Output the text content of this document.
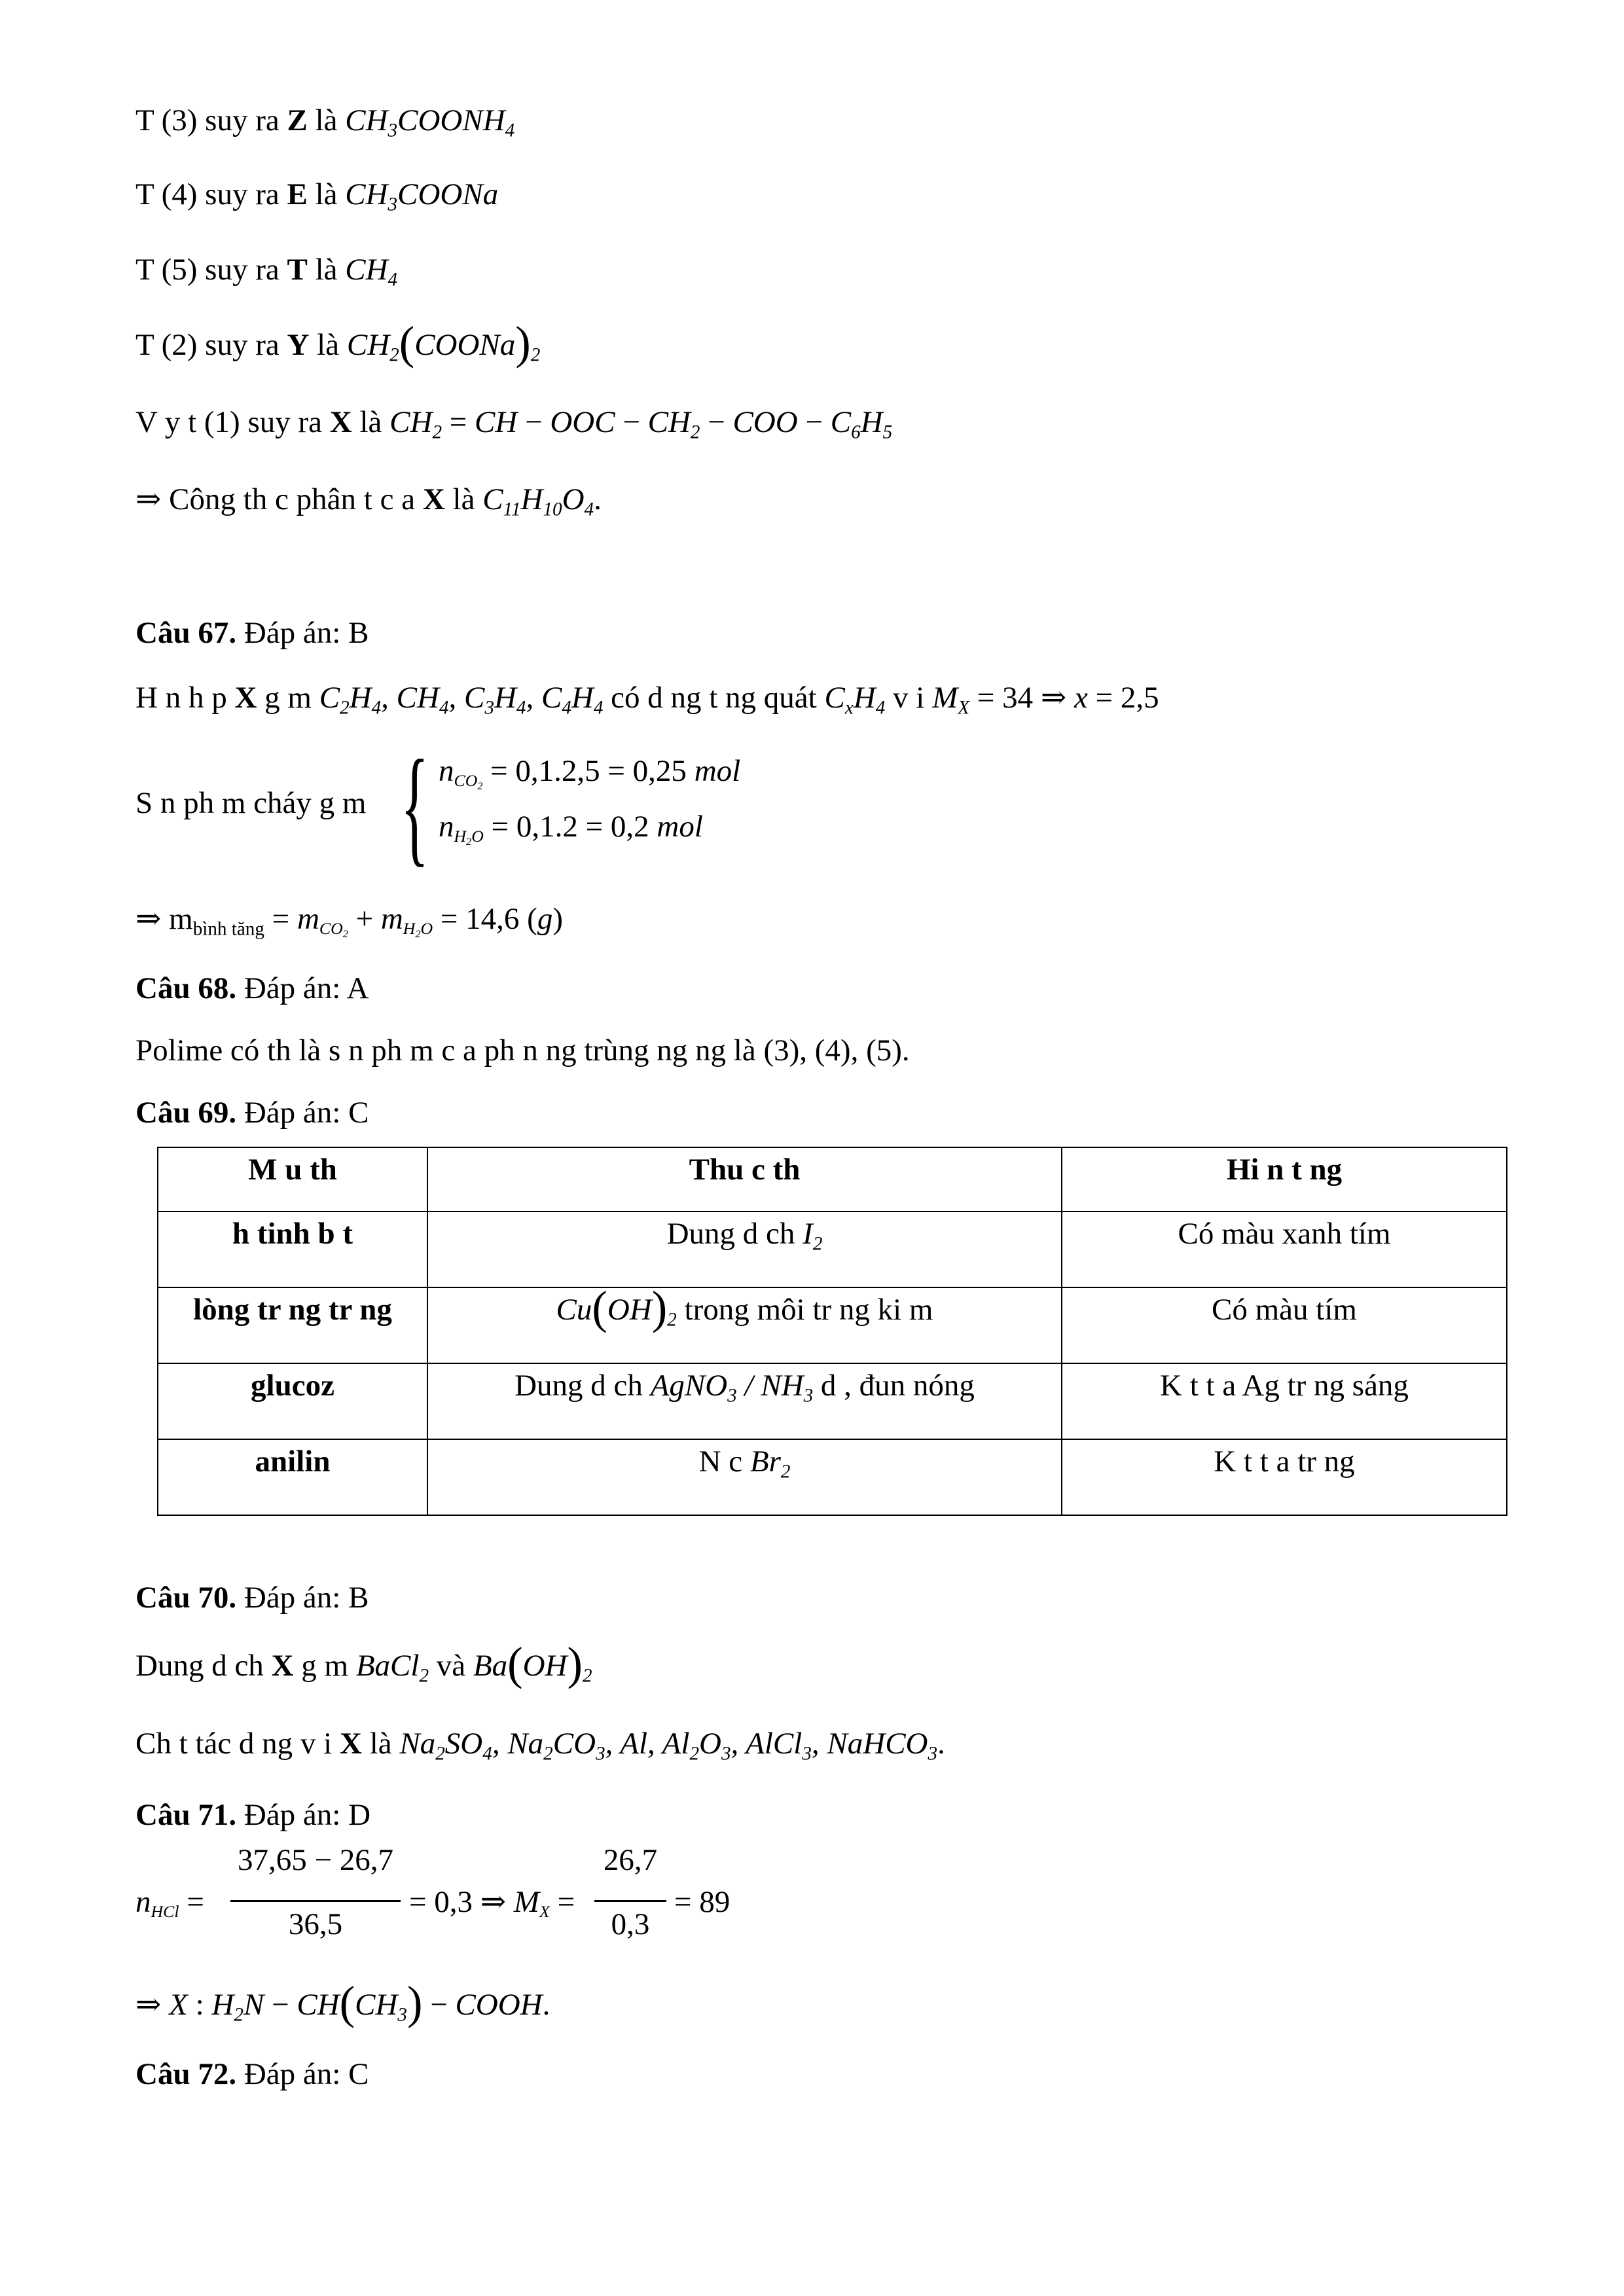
T (3) suy ra Z là $CH_3COONH_4$
T (4) suy ra E là $CH_3COONa$
T (5) suy ra T là $CH_4$
T (2) suy ra Y là $CH_2(COONa)_2$
V y t (1) suy ra X là $CH_2$ = CH − OOC − $CH_2$ − COO − $C_6H_5$
⇒ Công th c phân t c a X là $C_{11}H_{10}O_4$.
Câu 67. Đáp án: B
H n h p X g m $C_2H_4$, $CH_4$, $C_3H_4$, $C_4H_4$ có d ng t ng quát $C_xH_4$ v i $M_X = 34$ ⇒ x = 2,5
S n ph m cháy g m { $n_{CO_2} = 0,1.2,5 = 0,25$ mol
$n_{H_2O} = 0,1.2 = 0,2$ mol
⇒ $m_{bình tăng} = m_{CO_2} + m_{H_2O} = 14,6$ (g)
Câu 68. Đáp án: A
Polime có th là s n ph m c a ph n ng trùng ng ng là (3), (4), (5).
Câu 69. Đáp án: C
M u th	Thu c th	Hi n t ng
h tinh b t	Dung d ch $I_2$	Có màu xanh tím
lòng tr ng tr ng	$Cu(OH)_2$ trong môi tr ng ki m	Có màu tím
glucoz	Dung d ch AgNO$_3$ / $NH_3$ d , đun nóng	K t t a Ag tr ng sáng
anilin	N c $Br_2$	K t t a tr ng
Câu 70. Đáp án: B
Dung d ch X g m BaCl$_2$ và $Ba(OH)_2$
Ch t tác d ng v i X là $Na_2SO_4$, $Na_2CO_3$, Al, $Al_2O_3$, AlCl$_3$, NaHCO$_3$.
Câu 71. Đáp án: D
$n_{HCl}$ =
37,65 − 26,7
36,5
= 0,3 ⇒ $M_X$ =
26,7
0,3
= 89
⇒ X : $H_2N - CH(CH_3)$ − COOH.
Câu 72. Đáp án: C
